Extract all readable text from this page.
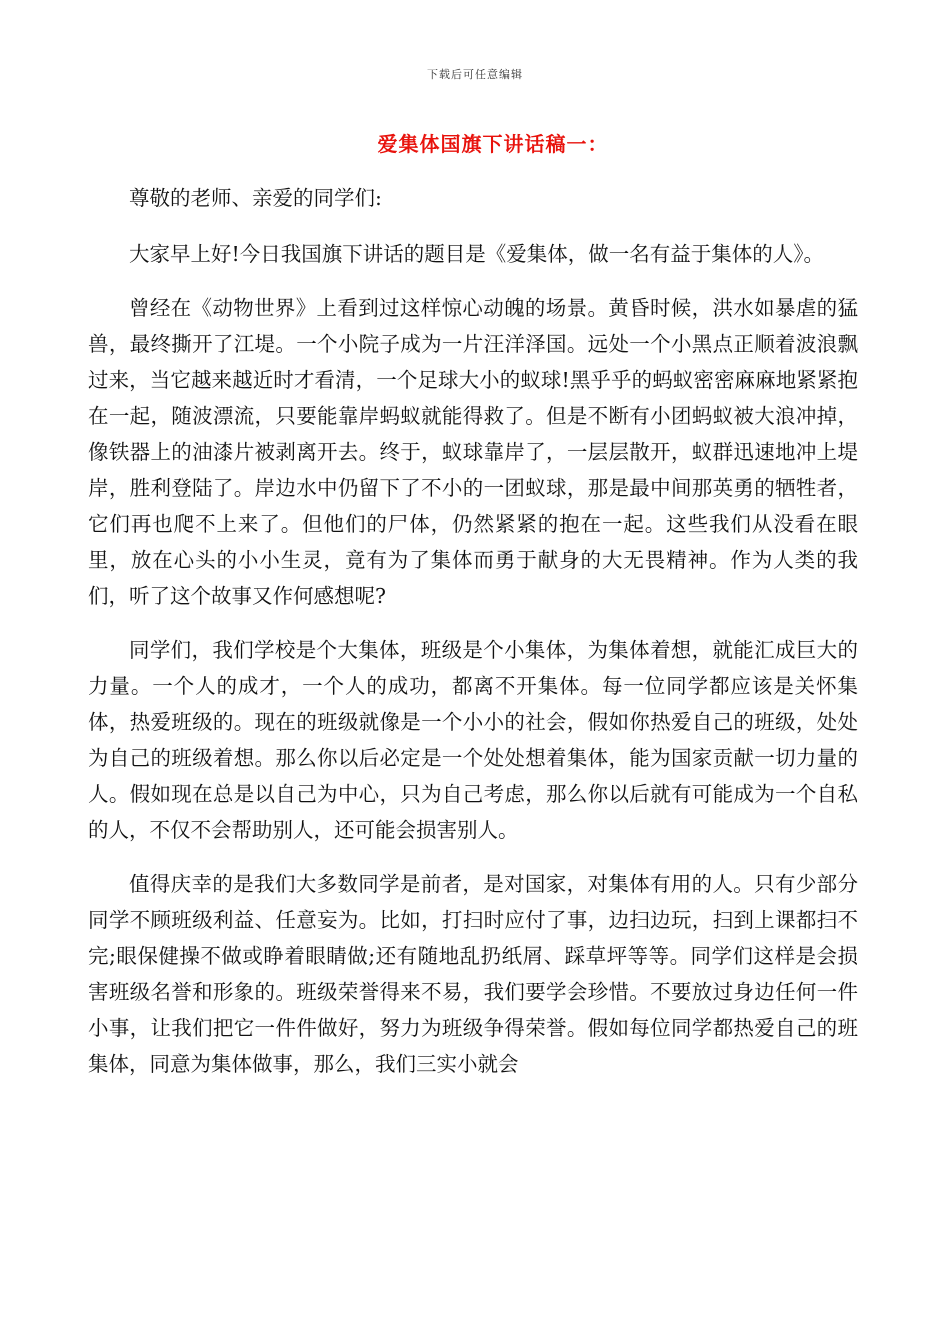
下载后可任意编辑
爱集体国旗下讲话稿一：

尊敬的老师、亲爱的同学们:

大家早上好!今日我国旗下讲话的题目是《爱集体，做一名有益于集体的人》。

曾经在《动物世界》上看到过这样惊心动魄的场景。黄昏时候，洪水如暴虐的猛兽，最终撕开了江堤。一个小院子成为一片汪洋泽国。远处一个小黑点正顺着波浪飘过来，当它越来越近时才看清，一个足球大小的蚁球!黑乎乎的蚂蚁密密麻麻地紧紧抱在一起，随波漂流，只要能靠岸蚂蚁就能得救了。但是不断有小团蚂蚁被大浪冲掉，像铁器上的油漆片被剥离开去。终于，蚁球靠岸了，一层层散开，蚁群迅速地冲上堤岸，胜利登陆了。岸边水中仍留下了不小的一团蚁球，那是最中间那英勇的牺牲者，它们再也爬不上来了。但他们的尸体，仍然紧紧的抱在一起。这些我们从没看在眼里，放在心头的小小生灵，竟有为了集体而勇于献身的大无畏精神。作为人类的我们，听了这个故事又作何感想呢?

同学们，我们学校是个大集体，班级是个小集体，为集体着想，就能汇成巨大的力量。一个人的成才，一个人的成功，都离不开集体。每一位同学都应该是关怀集体，热爱班级的。现在的班级就像是一个小小的社会，假如你热爱自己的班级，处处为自己的班级着想。那么你以后必定是一个处处想着集体，能为国家贡献一切力量的人。假如现在总是以自己为中心，只为自己考虑，那么你以后就有可能成为一个自私的人，不仅不会帮助别人，还可能会损害别人。

值得庆幸的是我们大多数同学是前者，是对国家，对集体有用的人。只有少部分同学不顾班级利益、任意妄为。比如，打扫时应付了事，边扫边玩，扫到上课都扫不完;眼保健操不做或睁着眼睛做;还有随地乱扔纸屑、踩草坪等等。同学们这样是会损害班级名誉和形象的。班级荣誉得来不易，我们要学会珍惜。不要放过身边任何一件小事，让我们把它一件件做好，努力为班级争得荣誉。假如每位同学都热爱自己的班集体，同意为集体做事，那么，我们三实小就会
